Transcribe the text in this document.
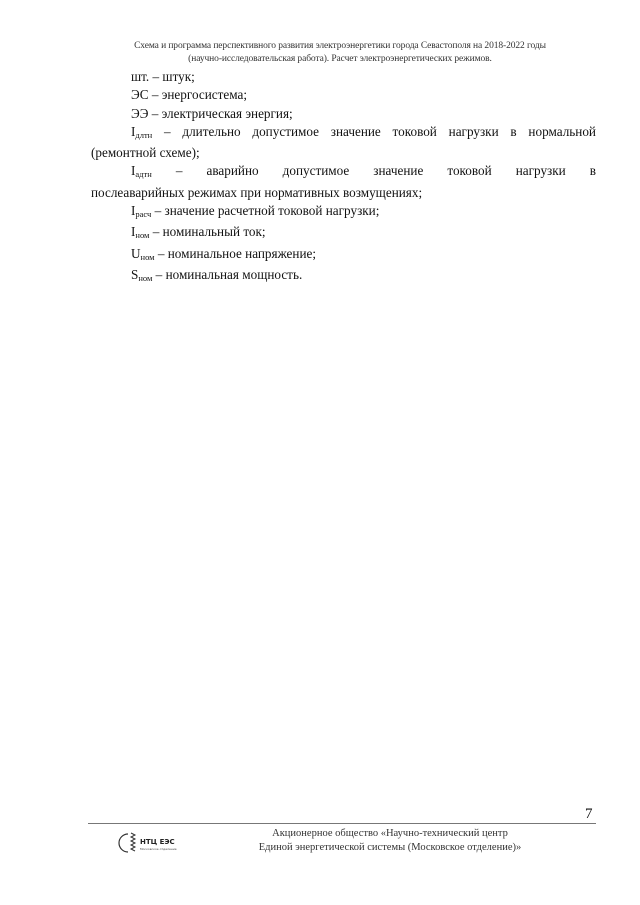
Схема и программа перспективного развития электроэнергетики города Севастополя на 2018-2022 годы
(научно-исследовательская работа). Расчет электроэнергетических режимов.

шт. – штук;

ЭС – энергосистема;

ЭЭ – электрическая энергия;

$I_{длтн}$ – длительно допустимое значение токовой нагрузки в нормальной

(ремонтной схеме);

$I_{адтн}$ – аварийно допустимое значение токовой нагрузки в

послеаварийных режимах при нормативных возмущениях;

$I_{расч}$ – значение расчетной токовой нагрузки;

$I_{ном}$ – номинальный ток;

$U_{ном}$ – номинальное напряжение;

$S_{ном}$ – номинальная мощность.

7
НТЦ ЕЭС
Московское отделение
Акционерное общество «Научно-технический центр
Единой энергетической системы (Московское отделение)»
